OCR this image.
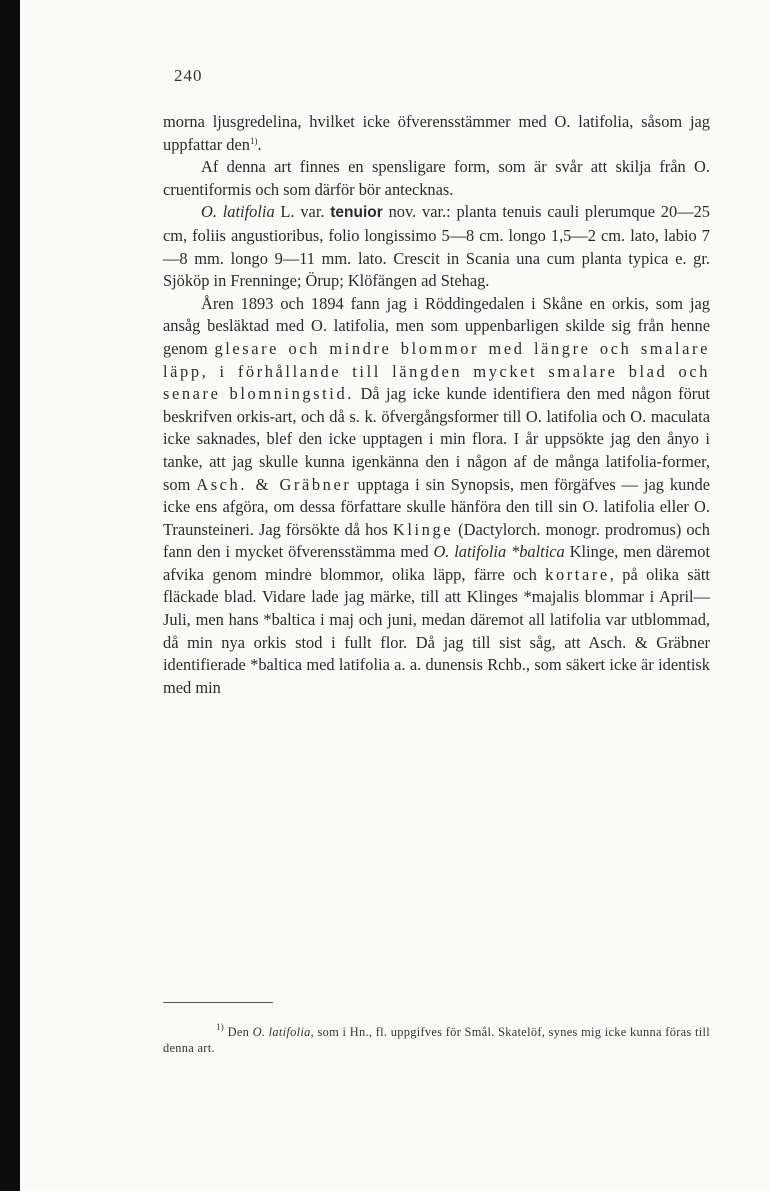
240

morna ljusgredelina, hvilket icke öfverensstämmer med O. latifolia, såsom jag uppfattar den$^{1)}$.

Af denna art finnes en spensligare form, som är svår att skilja från O. cruentiformis och som därför bör antecknas.

O. latifolia L. var. tenuior nov. var.: planta tenuis cauli plerumque 20—25 cm, foliis angustioribus, folio longissimo 5—8 cm. longo 1,5—2 cm. lato, labio 7—8 mm. longo 9—11 mm. lato. Crescit in Scania una cum planta typica e. gr. Sjököp in Frenninge; Örup; Klöfängen ad Stehag.

Åren 1893 och 1894 fann jag i Röddingedalen i Skåne en orkis, som jag ansåg besläktad med O. latifolia, men som uppenbarligen skilde sig från henne genom glesare och mindre blommor med längre och smalare läpp, i förhållande till längden mycket smalare blad och senare blomningstid. Då jag icke kunde identifiera den med någon förut beskrifven orkis-art, och då s. k. öfvergångsformer till O. latifolia och O. maculata icke saknades, blef den icke upptagen i min flora. I år uppsökte jag den ånyo i tanke, att jag skulle kunna igenkänna den i någon af de många latifolia-former, som Asch. & Gräbner upptaga i sin Synopsis, men förgäfves — jag kunde icke ens afgöra, om dessa författare skulle hänföra den till sin O. latifolia eller O. Traunsteineri. Jag försökte då hos Klinge (Dactylorch. monogr. prodromus) och fann den i mycket öfverensstämma med O. latifolia *baltica Klinge, men däremot afvika genom mindre blommor, olika läpp, färre och kortare, på olika sätt fläckade blad. Vidare lade jag märke, till att Klinges *majalis blommar i April—Juli, men hans *baltica i maj och juni, medan däremot all latifolia var utblommad, då min nya orkis stod i fullt flor. Då jag till sist såg, att Asch. & Gräbner identifierade *baltica med latifolia a. a. dunensis Rchb., som säkert icke är identisk med min

$^{1)}$ Den O. latifolia, som i Hn., fl. uppgifves för Smål. Skatelöf, synes mig icke kunna föras till denna art.
